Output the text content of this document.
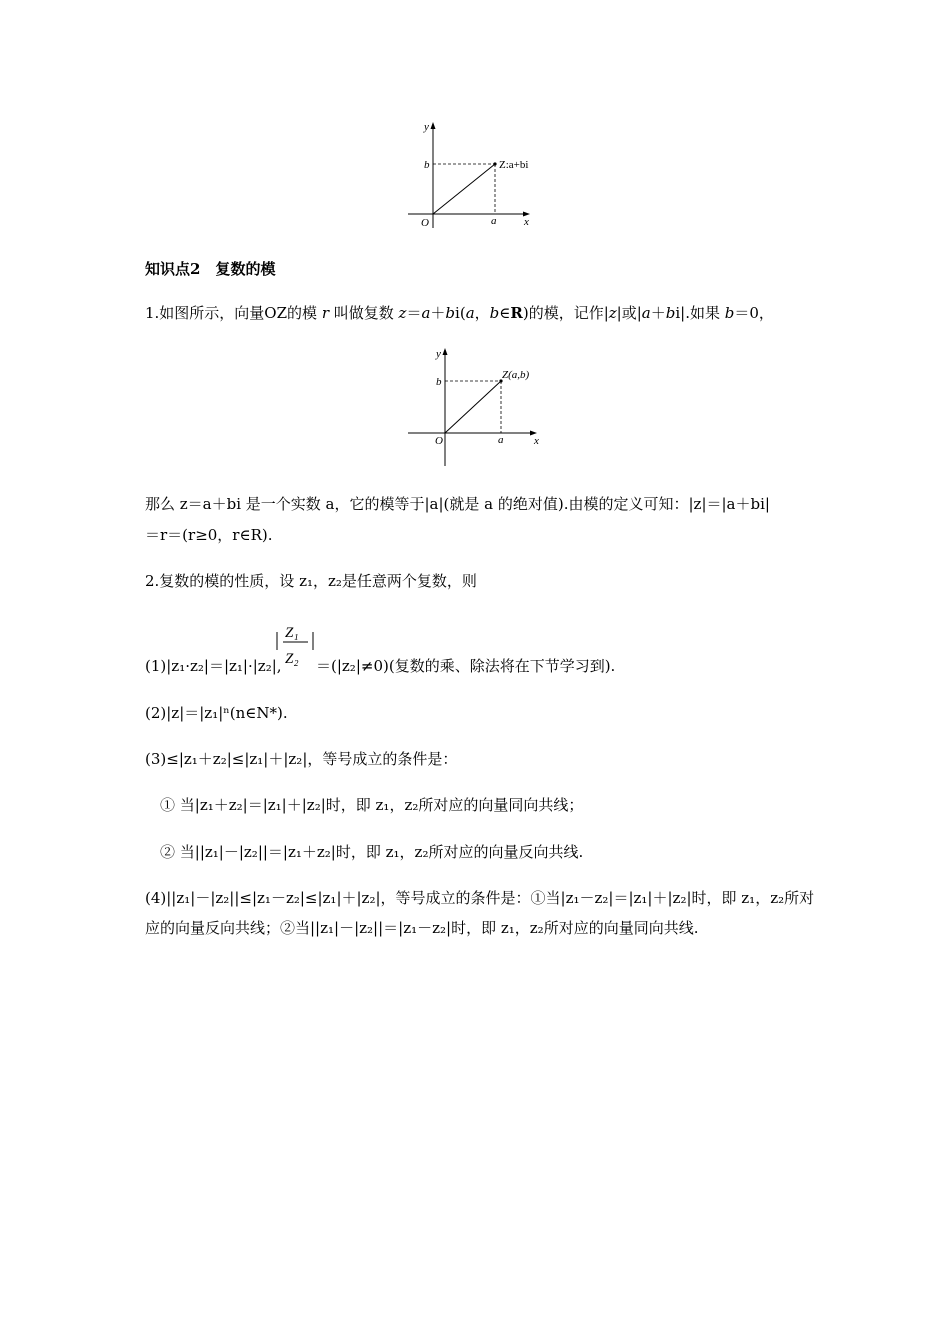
y
x
O
b
a
Z:a+bi
知识点2　复数的模
1.如图所示，向量OZ的模 r 叫做复数 z＝a＋bi(a，b∈R)的模，记作|z|或|a＋bi|.如果 b＝0，
y
x
O
b
a
Z(a,b)
那么 z＝a＋bi 是一个实数 a，它的模等于|a|(就是 a 的绝对值).由模的定义可知：|z|＝|a＋bi|
＝r＝(r≥0，r∈R).
2.复数的模的性质，设 z₁，z₂是任意两个复数，则
Z₁
Z₂
(1)|z₁·z₂|＝|z₁|·|z₂|, ＝(|z₂|≠0)(复数的乘、除法将在下节学习到).
(2)|z|＝|z₁|ⁿ(n∈N*).
(3)≤|z₁＋z₂|≤|z₁|＋|z₂|，等号成立的条件是：
① 当|z₁＋z₂|＝|z₁|＋|z₂|时，即 z₁，z₂所对应的向量同向共线；
② 当||z₁|－|z₂||＝|z₁＋z₂|时，即 z₁，z₂所对应的向量反向共线.
(4)||z₁|－|z₂||≤|z₁－z₂|≤|z₁|＋|z₂|，等号成立的条件是：①当|z₁－z₂|＝|z₁|＋|z₂|时，即 z₁，z₂所对
应的向量反向共线；②当||z₁|－|z₂||＝|z₁－z₂|时，即 z₁，z₂所对应的向量同向共线.
